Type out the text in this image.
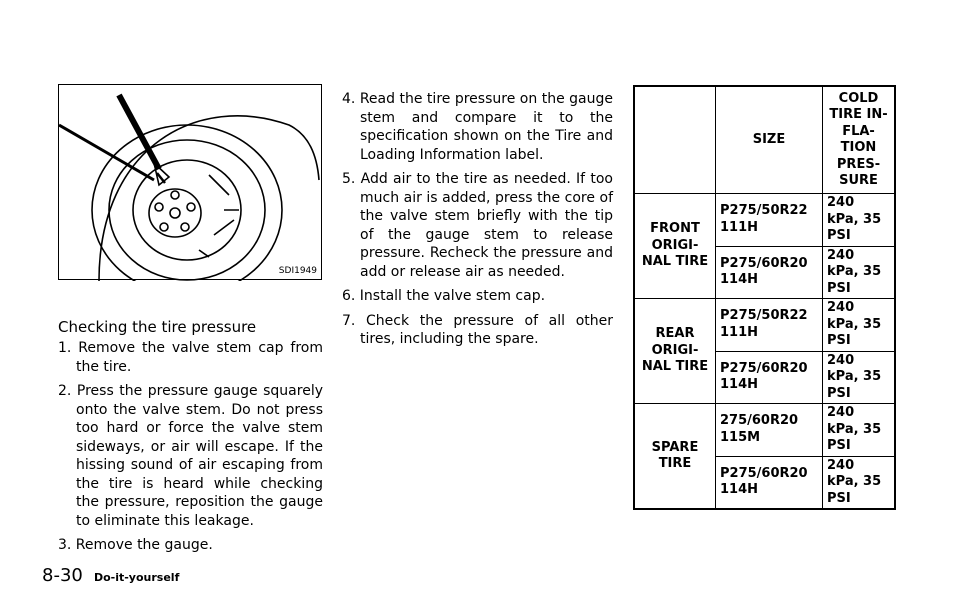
SDI1949
Checking the tire pressure
1. Remove the valve stem cap from the tire.
2. Press the pressure gauge squarely onto the valve stem. Do not press too hard or force the valve stem sideways, or air will escape. If the hissing sound of air escaping from the tire is heard while checking the pressure, reposition the gauge to eliminate this leakage.
3. Remove the gauge.
4. Read the tire pressure on the gauge stem and compare it to the specification shown on the Tire and Loading Information label.
5. Add air to the tire as needed. If too much air is added, press the core of the valve stem briefly with the tip of the gauge stem to release pressure. Recheck the pressure and add or release air as needed.
6. Install the valve stem cap.
7. Check the pressure of all other tires, including the spare.
	SIZE	COLD TIRE IN-FLA-TION PRES-SURE
FRONT ORIGI-NAL TIRE	P275/50R22 111H	240 kPa, 35 PSI
	P275/60R20 114H	240 kPa, 35 PSI
REAR ORIGI-NAL TIRE	P275/50R22 111H	240 kPa, 35 PSI
	P275/60R20 114H	240 kPa, 35 PSI
SPARE TIRE	275/60R20 115M	240 kPa, 35 PSI
	P275/60R20 114H	240 kPa, 35 PSI
8-30 Do-it-yourself
